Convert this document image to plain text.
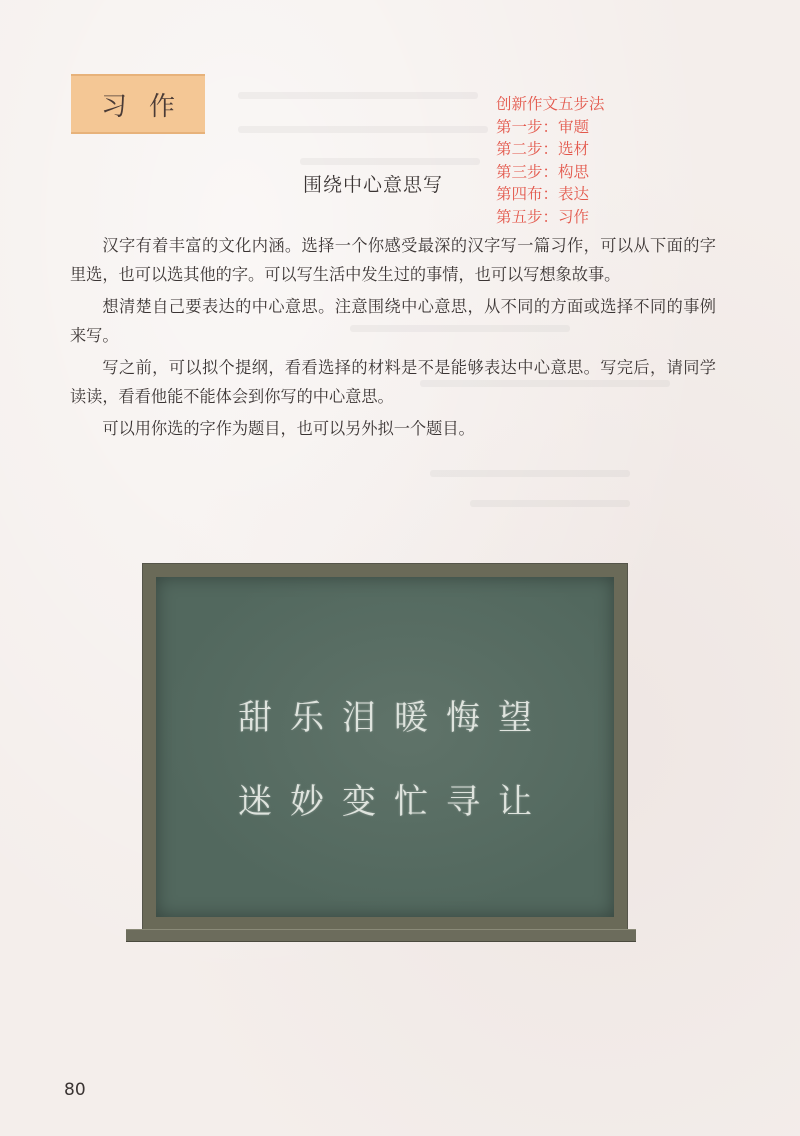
习作	创新作文五步法
第一步：审题
第二步：选材
第三步：构思
第四布：表达
第五步：习作
围绕中心意思写

汉字有着丰富的文化内涵。选择一个你感受最深的汉字写一篇习作，可以从下面的字里选，也可以选其他的字。可以写生活中发生过的事情，也可以写想象故事。

想清楚自己要表达的中心意思。注意围绕中心意思，从不同的方面或选择不同的事例来写。

写之前，可以拟个提纲，看看选择的材料是不是能够表达中心意思。写完后，请同学读读，看看他能不能体会到你写的中心意思。

可以用你选的字作为题目，也可以另外拟一个题目。

甜乐泪暖悔望
迷妙变忙寻让
80
